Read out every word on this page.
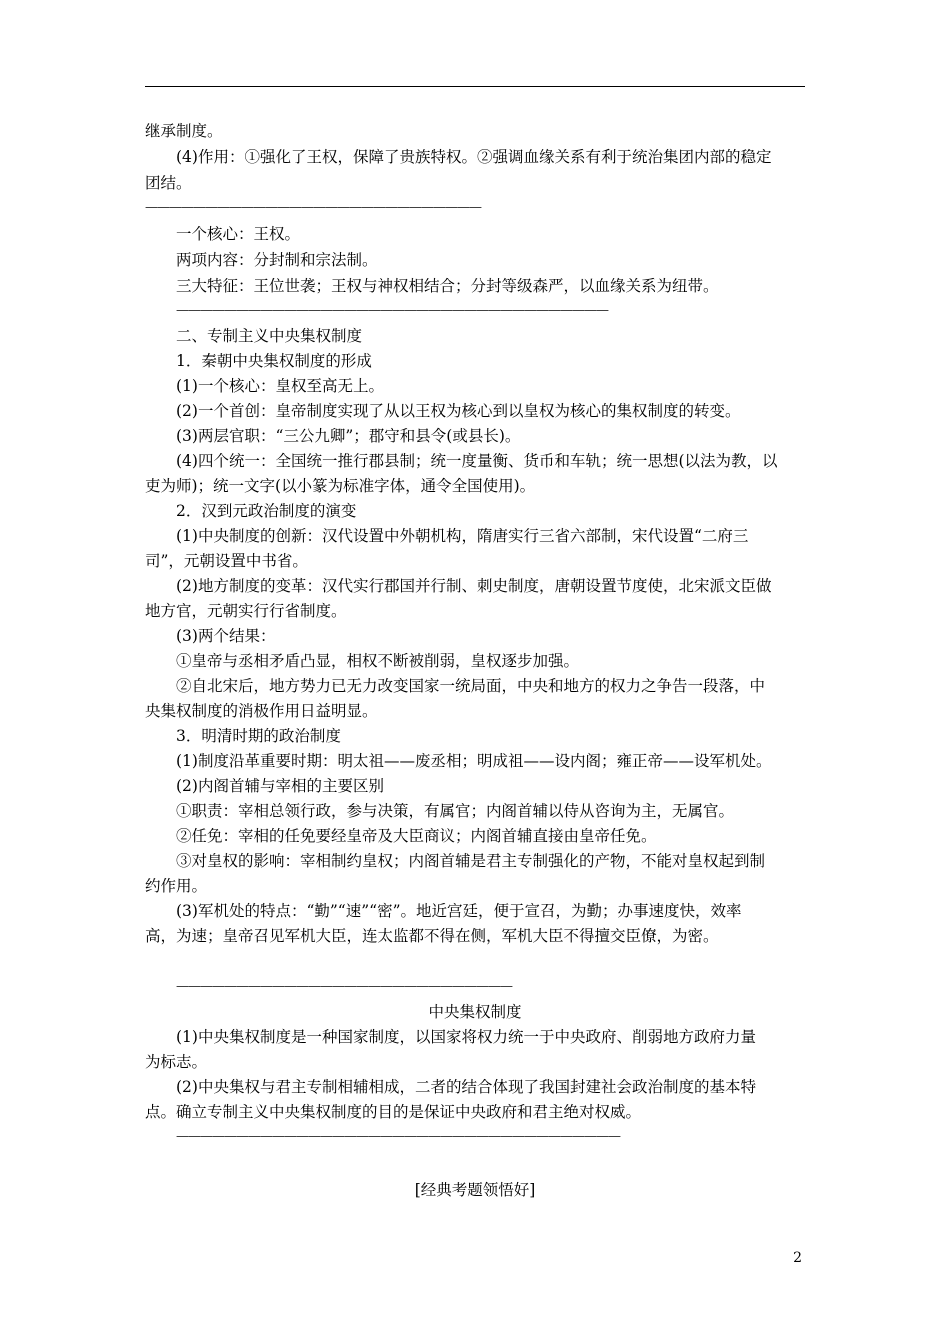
继承制度。
(4)作用：①强化了王权，保障了贵族特权。②强调血缘关系有利于统治集团内部的稳定
团结。
————————————————————————————
一个核心：王权。
两项内容：分封制和宗法制。
三大特征：王位世袭；王权与神权相结合；分封等级森严，以血缘关系为纽带。
————————————————————————————————————
二、专制主义中央集权制度
1．秦朝中央集权制度的形成
(1)一个核心：皇权至高无上。
(2)一个首创：皇帝制度实现了从以王权为核心到以皇权为核心的集权制度的转变。
(3)两层官职：“三公九卿”；郡守和县令(或县长)。
(4)四个统一：全国统一推行郡县制；统一度量衡、货币和车轨；统一思想(以法为教，以
吏为师)；统一文字(以小篆为标准字体，通令全国使用)。
2．汉到元政治制度的演变
(1)中央制度的创新：汉代设置中外朝机构，隋唐实行三省六部制，宋代设置“二府三
司”，元朝设置中书省。
(2)地方制度的变革：汉代实行郡国并行制、刺史制度，唐朝设置节度使，北宋派文臣做
地方官，元朝实行行省制度。
(3)两个结果：
①皇帝与丞相矛盾凸显，相权不断被削弱，皇权逐步加强。
②自北宋后，地方势力已无力改变国家一统局面，中央和地方的权力之争告一段落，中
央集权制度的消极作用日益明显。
3．明清时期的政治制度
(1)制度沿革重要时期：明太祖——废丞相；明成祖——设内阁；雍正帝——设军机处。
(2)内阁首辅与宰相的主要区别
①职责：宰相总领行政，参与决策，有属官；内阁首辅以侍从咨询为主，无属官。
②任免：宰相的任免要经皇帝及大臣商议；内阁首辅直接由皇帝任免。
③对皇权的影响：宰相制约皇权；内阁首辅是君主专制强化的产物，不能对皇权起到制
约作用。
(3)军机处的特点：“勤”“速”“密”。地近宫廷，便于宣召，为勤；办事速度快，效率
高，为速；皇帝召见军机大臣，连太监都不得在侧，军机大臣不得擅交臣僚，为密。
————————————————————————————
中央集权制度
(1)中央集权制度是一种国家制度，以国家将权力统一于中央政府、削弱地方政府力量
为标志。
(2)中央集权与君主专制相辅相成，二者的结合体现了我国封建社会政治制度的基本特
点。确立专制主义中央集权制度的目的是保证中央政府和君主绝对权威。
—————————————————————————————————————
[经典考题领悟好]
2
